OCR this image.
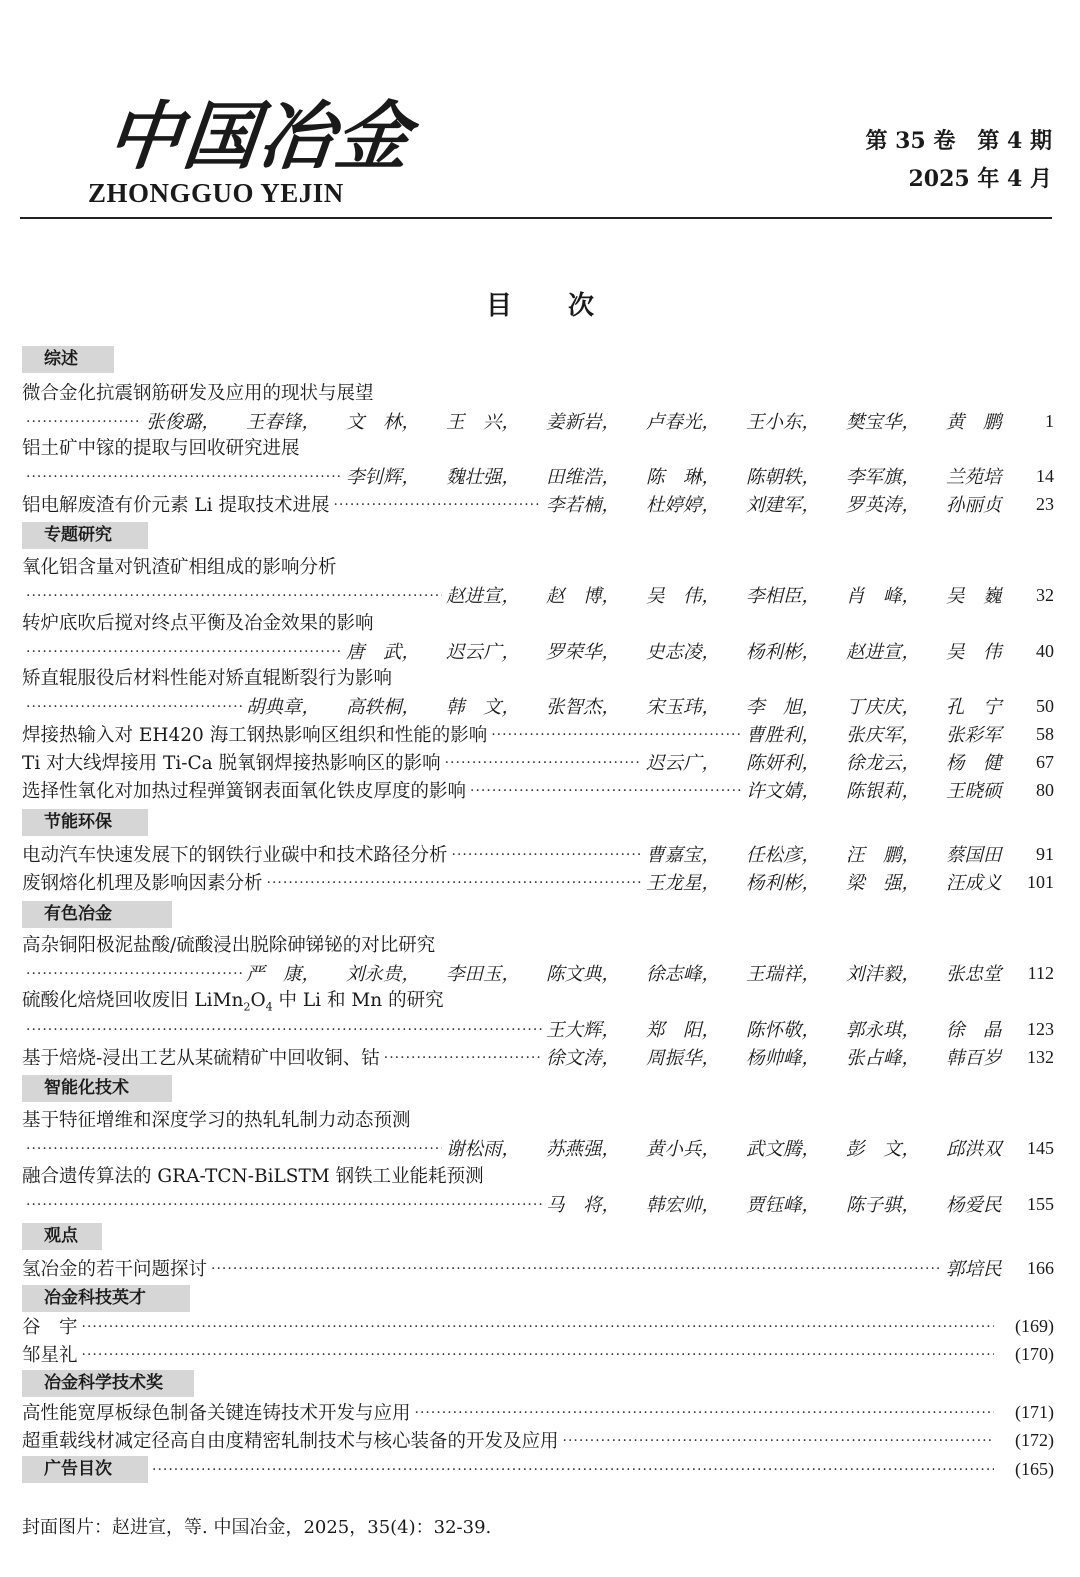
中国冶金
ZHONGGUO YEJIN
第 35 卷　第 4 期
2025 年 4 月
目次
综述
微合金化抗震钢筋研发及应用的现状与展望
·····
张俊璐，	王春锋，	文　林，	王　兴，	姜新岩，	卢春光，	王小东，	樊宝华，	黄　鹏	1
铝土矿中镓的提取与回收研究进展
·····
李钊辉，	魏壮强，	田维浩，	陈　琳，	陈朝轶，	李军旗，	兰苑培	14
铝电解废渣有价元素 Li 提取技术进展 ·····	李若楠，	杜婷婷，	刘建军，	罗英涛，	孙丽贞	23
专题研究
氧化铝含量对钒渣矿相组成的影响分析
·····
赵进宣，	赵　博，	吴　伟，	李相臣，	肖　峰，	吴　巍	32
转炉底吹后搅对终点平衡及冶金效果的影响
·····
唐　武，	迟云广，	罗荣华，	史志凌，	杨利彬，	赵进宣，	吴　伟	40
矫直辊服役后材料性能对矫直辊断裂行为影响
·····
胡典章，	高轶桐，	韩　文，	张智杰，	宋玉玮，	李　旭，	丁庆庆，	孔　宁	50
焊接热输入对 EH420 海工钢热影响区组织和性能的影响 ·····	曹胜利，	张庆军，	张彩军	58
Ti 对大线焊接用 Ti-Ca 脱氧钢焊接热影响区的影响 ·····	迟云广，	陈妍利，	徐龙云，	杨　健	67
选择性氧化对加热过程弹簧钢表面氧化铁皮厚度的影响 ·····	许文婧，	陈银莉，	王晓硕	80
节能环保
电动汽车快速发展下的钢铁行业碳中和技术路径分析 ·····	曹嘉宝，	任松彦，	汪　鹏，	蔡国田	91
废钢熔化机理及影响因素分析 ·····	王龙星，	杨利彬，	梁　强，	汪成义	101
有色冶金
高杂铜阳极泥盐酸/硫酸浸出脱除砷锑铋的对比研究
·····
严　康，	刘永贵，	李田玉，	陈文典，	徐志峰，	王瑞祥，	刘沣毅，	张忠堂	112
硫酸化焙烧回收废旧 $LiMn_2O_4$ 中 Li 和 Mn 的研究
·····
王大辉，	郑　阳，	陈怀敬，	郭永琪，	徐　晶	123
基于焙烧-浸出工艺从某硫精矿中回收铜、钴 ·····	徐文涛，	周振华，	杨帅峰，	张占峰，	韩百岁	132
智能化技术
基于特征增维和深度学习的热轧轧制力动态预测
·····
谢松雨，	苏燕强，	黄小兵，	武文腾，	彭　文，	邱洪双	145
融合遗传算法的 GRA-TCN-BiLSTM 钢铁工业能耗预测
·····
马　将，	韩宏帅，	贾钰峰，	陈子骐，	杨爱民	155
观点
氢冶金的若干问题探讨 ·····	郭培民	166
冶金科技英才
谷　宇 ·····	(169)
邹星礼 ·····	(170)
冶金科学技术奖
高性能宽厚板绿色制备关键连铸技术开发与应用 ·····	(171)
超重载线材减定径高自由度精密轧制技术与核心装备的开发及应用 ·····	(172)
广告目次 ·····	(165)
封面图片：赵进宣，等. 中国冶金，2025，35(4)：32-39.
